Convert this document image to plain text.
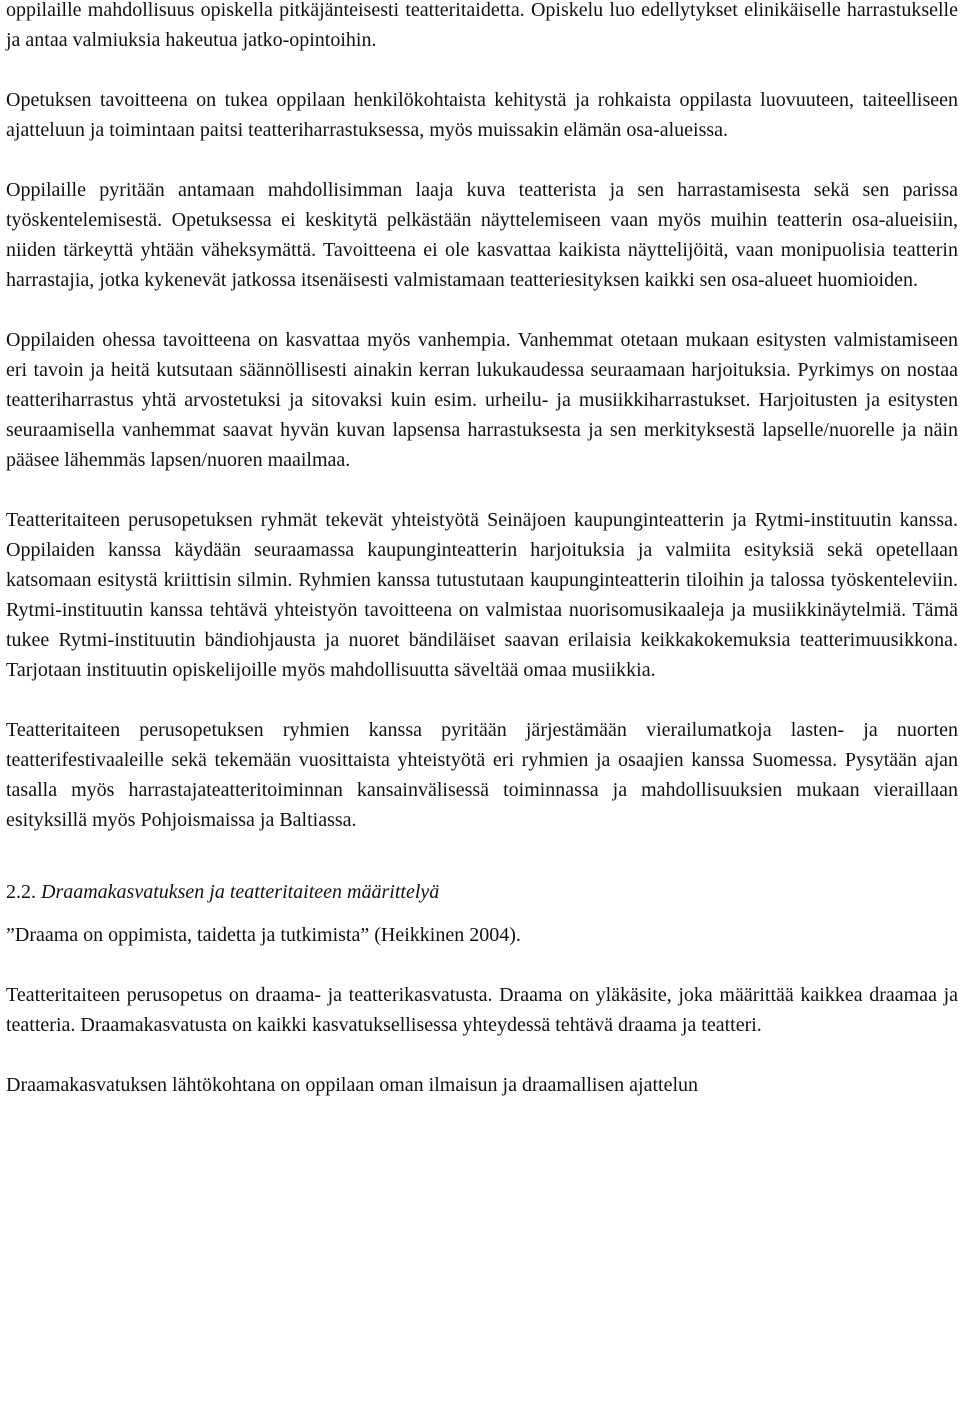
oppilaille mahdollisuus opiskella pitkäjänteisesti teatteritaidetta. Opiskelu luo edellytykset elinikäiselle harrastukselle ja antaa valmiuksia hakeutua jatko-opintoihin.

Opetuksen tavoitteena on tukea oppilaan henkilökohtaista kehitystä ja rohkaista oppilasta luovuuteen, taiteelliseen ajatteluun ja toimintaan paitsi teatteriharrastuksessa, myös muissakin elämän osa-alueissa.

Oppilaille pyritään antamaan mahdollisimman laaja kuva teatterista ja sen harrastamisesta sekä sen parissa työskentelemisestä. Opetuksessa ei keskitytä pelkästään näyttelemiseen vaan myös muihin teatterin osa-alueisiin, niiden tärkeyttä yhtään väheksymättä. Tavoitteena ei ole kasvattaa kaikista näyttelijöitä, vaan monipuolisia teatterin harrastajia, jotka kykenevät jatkossa itsenäisesti valmistamaan teatteriesityksen kaikki sen osa-alueet huomioiden.

Oppilaiden ohessa tavoitteena on kasvattaa myös vanhempia. Vanhemmat otetaan mukaan esitysten valmistamiseen eri tavoin ja heitä kutsutaan säännöllisesti ainakin kerran lukukaudessa seuraamaan harjoituksia. Pyrkimys on nostaa teatteriharrastus yhtä arvostetuksi ja sitovaksi kuin esim. urheilu- ja musiikkiharrastukset. Harjoitusten ja esitysten seuraamisella vanhemmat saavat hyvän kuvan lapsensa harrastuksesta ja sen merkityksestä lapselle/nuorelle ja näin pääsee lähemmäs lapsen/nuoren maailmaa.

Teatteritaiteen perusopetuksen ryhmät tekevät yhteistyötä Seinäjoen kaupunginteatterin ja Rytmi-instituutin kanssa. Oppilaiden kanssa käydään seuraamassa kaupunginteatterin harjoituksia ja valmiita esityksiä sekä opetellaan katsomaan esitystä kriittisin silmin. Ryhmien kanssa tutustutaan kaupunginteatterin tiloihin ja talossa työskenteleviin. Rytmi-instituutin kanssa tehtävä yhteistyön tavoitteena on valmistaa nuorisomusikaaleja ja musiikkinäytelmiä. Tämä tukee Rytmi-instituutin bändiohjausta ja nuoret bändiläiset saavan erilaisia keikkakokemuksia teatterimuusikkona. Tarjotaan instituutin opiskelijoille myös mahdollisuutta säveltää omaa musiikkia.

Teatteritaiteen perusopetuksen ryhmien kanssa pyritään järjestämään vierailumatkoja lasten- ja nuorten teatterifestivaaleille sekä tekemään vuosittaista yhteistyötä eri ryhmien ja osaajien kanssa Suomessa. Pysytään ajan tasalla myös harrastajateatteritoiminnan kansainvälisessä toiminnassa ja mahdollisuuksien mukaan vieraillaan esityksillä myös Pohjoismaissa ja Baltiassa.

2.2. Draamakasvatuksen ja teatteritaiteen määrittelyä

”Draama on oppimista, taidetta ja tutkimista” (Heikkinen 2004).

Teatteritaiteen perusopetus on draama- ja teatterikasvatusta. Draama on yläkäsite, joka määrittää kaikkea draamaa ja teatteria. Draamakasvatusta on kaikki kasvatuksellisessa yhteydessä tehtävä draama ja teatteri.

Draamakasvatuksen lähtökohtana on oppilaan oman ilmaisun ja draamallisen ajattelun
